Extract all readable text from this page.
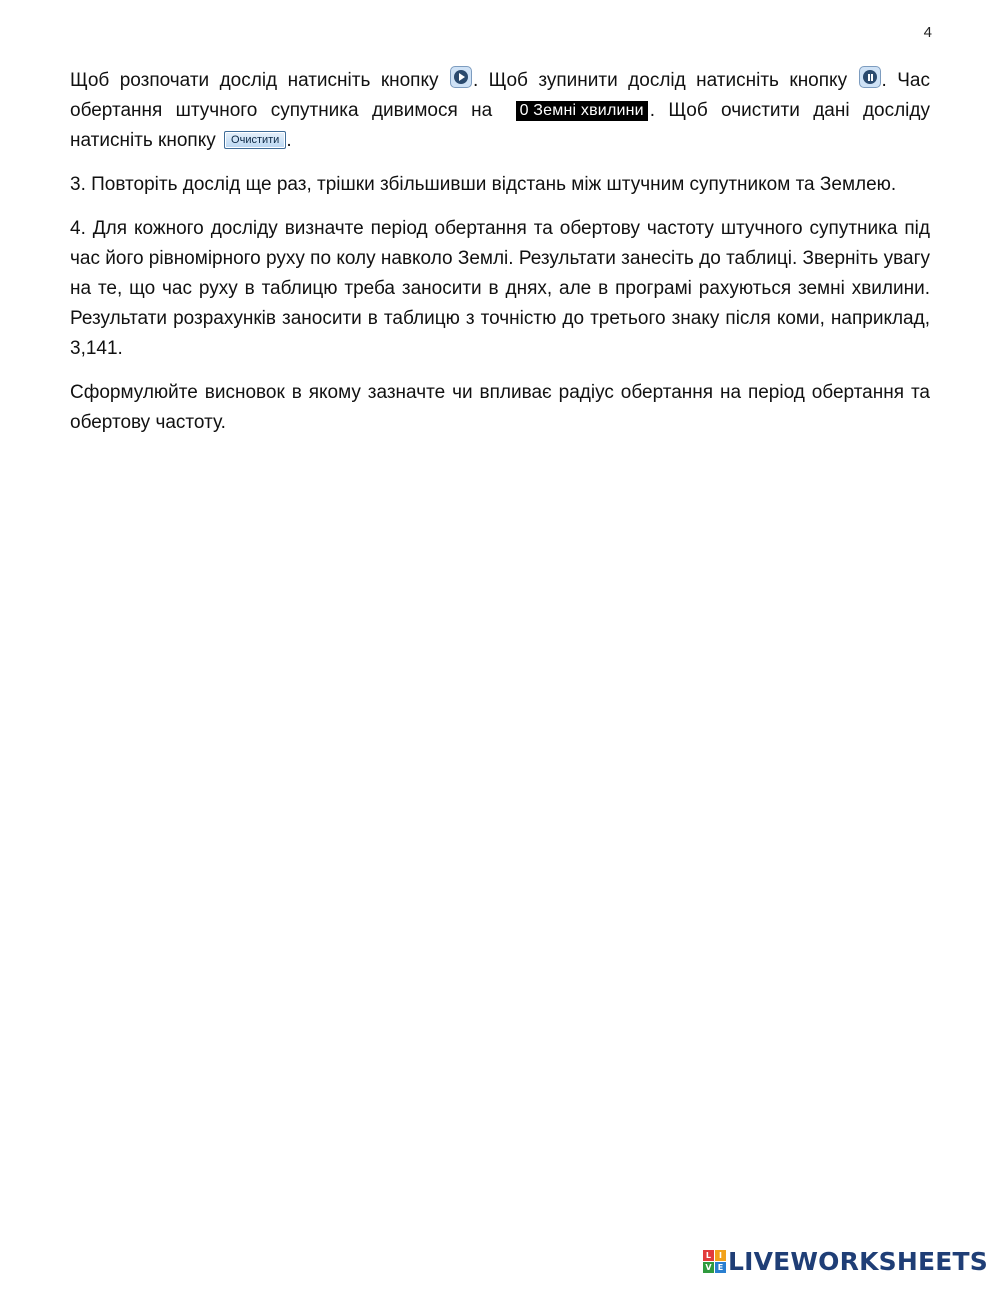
4

Щоб розпочати дослід натисніть кнопку . Щоб зупинити дослід натисніть кнопку . Час обертання штучного супутника дивимося на 0 Земні хвилини . Щоб очистити дані досліду натисніть кнопку Очистити .

3. Повторіть дослід ще раз, трішки збільшивши відстань між штучним супутником та Землею.

4. Для кожного досліду визначте період обертання та обертову частоту штучного супутника під час його рівномірного руху по колу навколо Землі. Результати занесіть до таблиці. Зверніть увагу на те, що час руху в таблицю треба заносити в днях, але в програмі рахуються земні хвилини. Результати розрахунків заносити в таблицю з точністю до третього знаку після коми, наприклад, 3,141.

Сформулюйте висновок в якому зазначте чи впливає радіус обертання на період обертання та обертову частоту.

L I
V E LIVEWORKSHEETS
